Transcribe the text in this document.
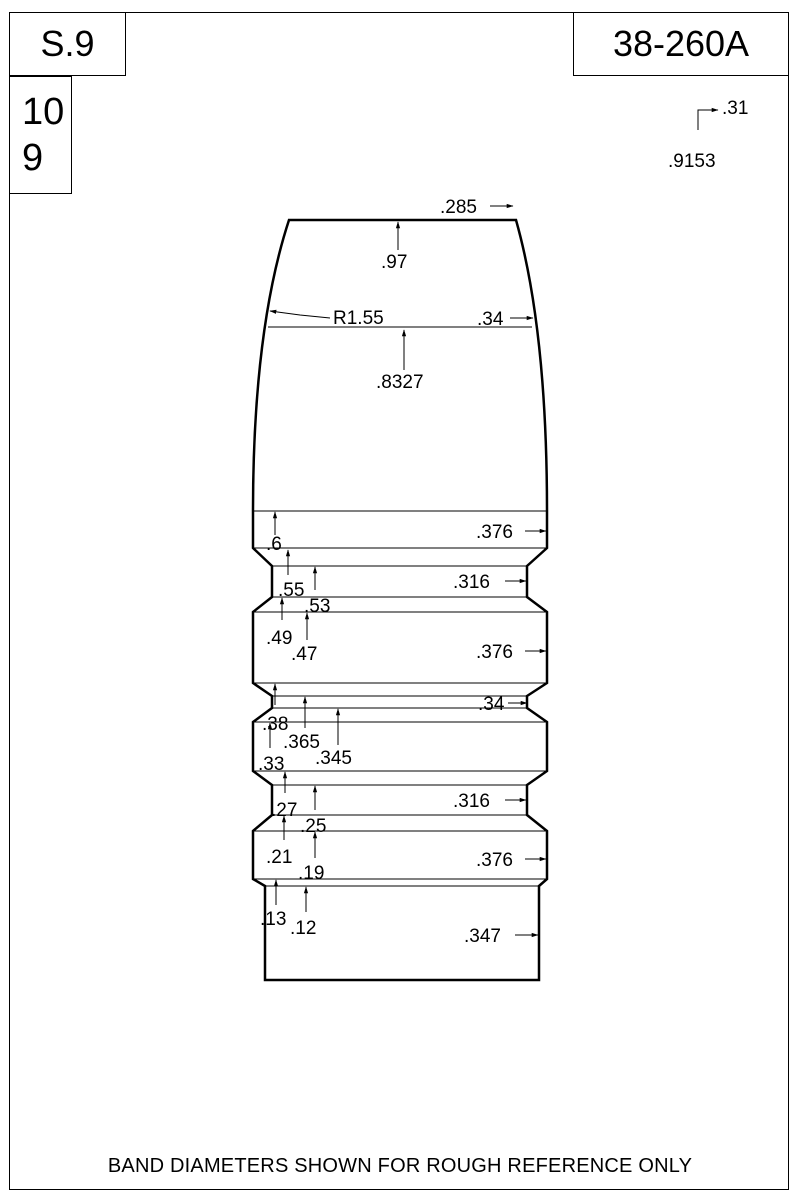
S.9	38-260A
10
9
.285
.97
R1.55	.34
.8327
.31
.9153
.376
.316
.376
.34
.316
.376
.347
.6
.55
.53
.49
.47
.38
.365
.345
.33
.27
.25
.21
.19
.13 .12
BAND DIAMETERS SHOWN FOR ROUGH REFERENCE ONLY
